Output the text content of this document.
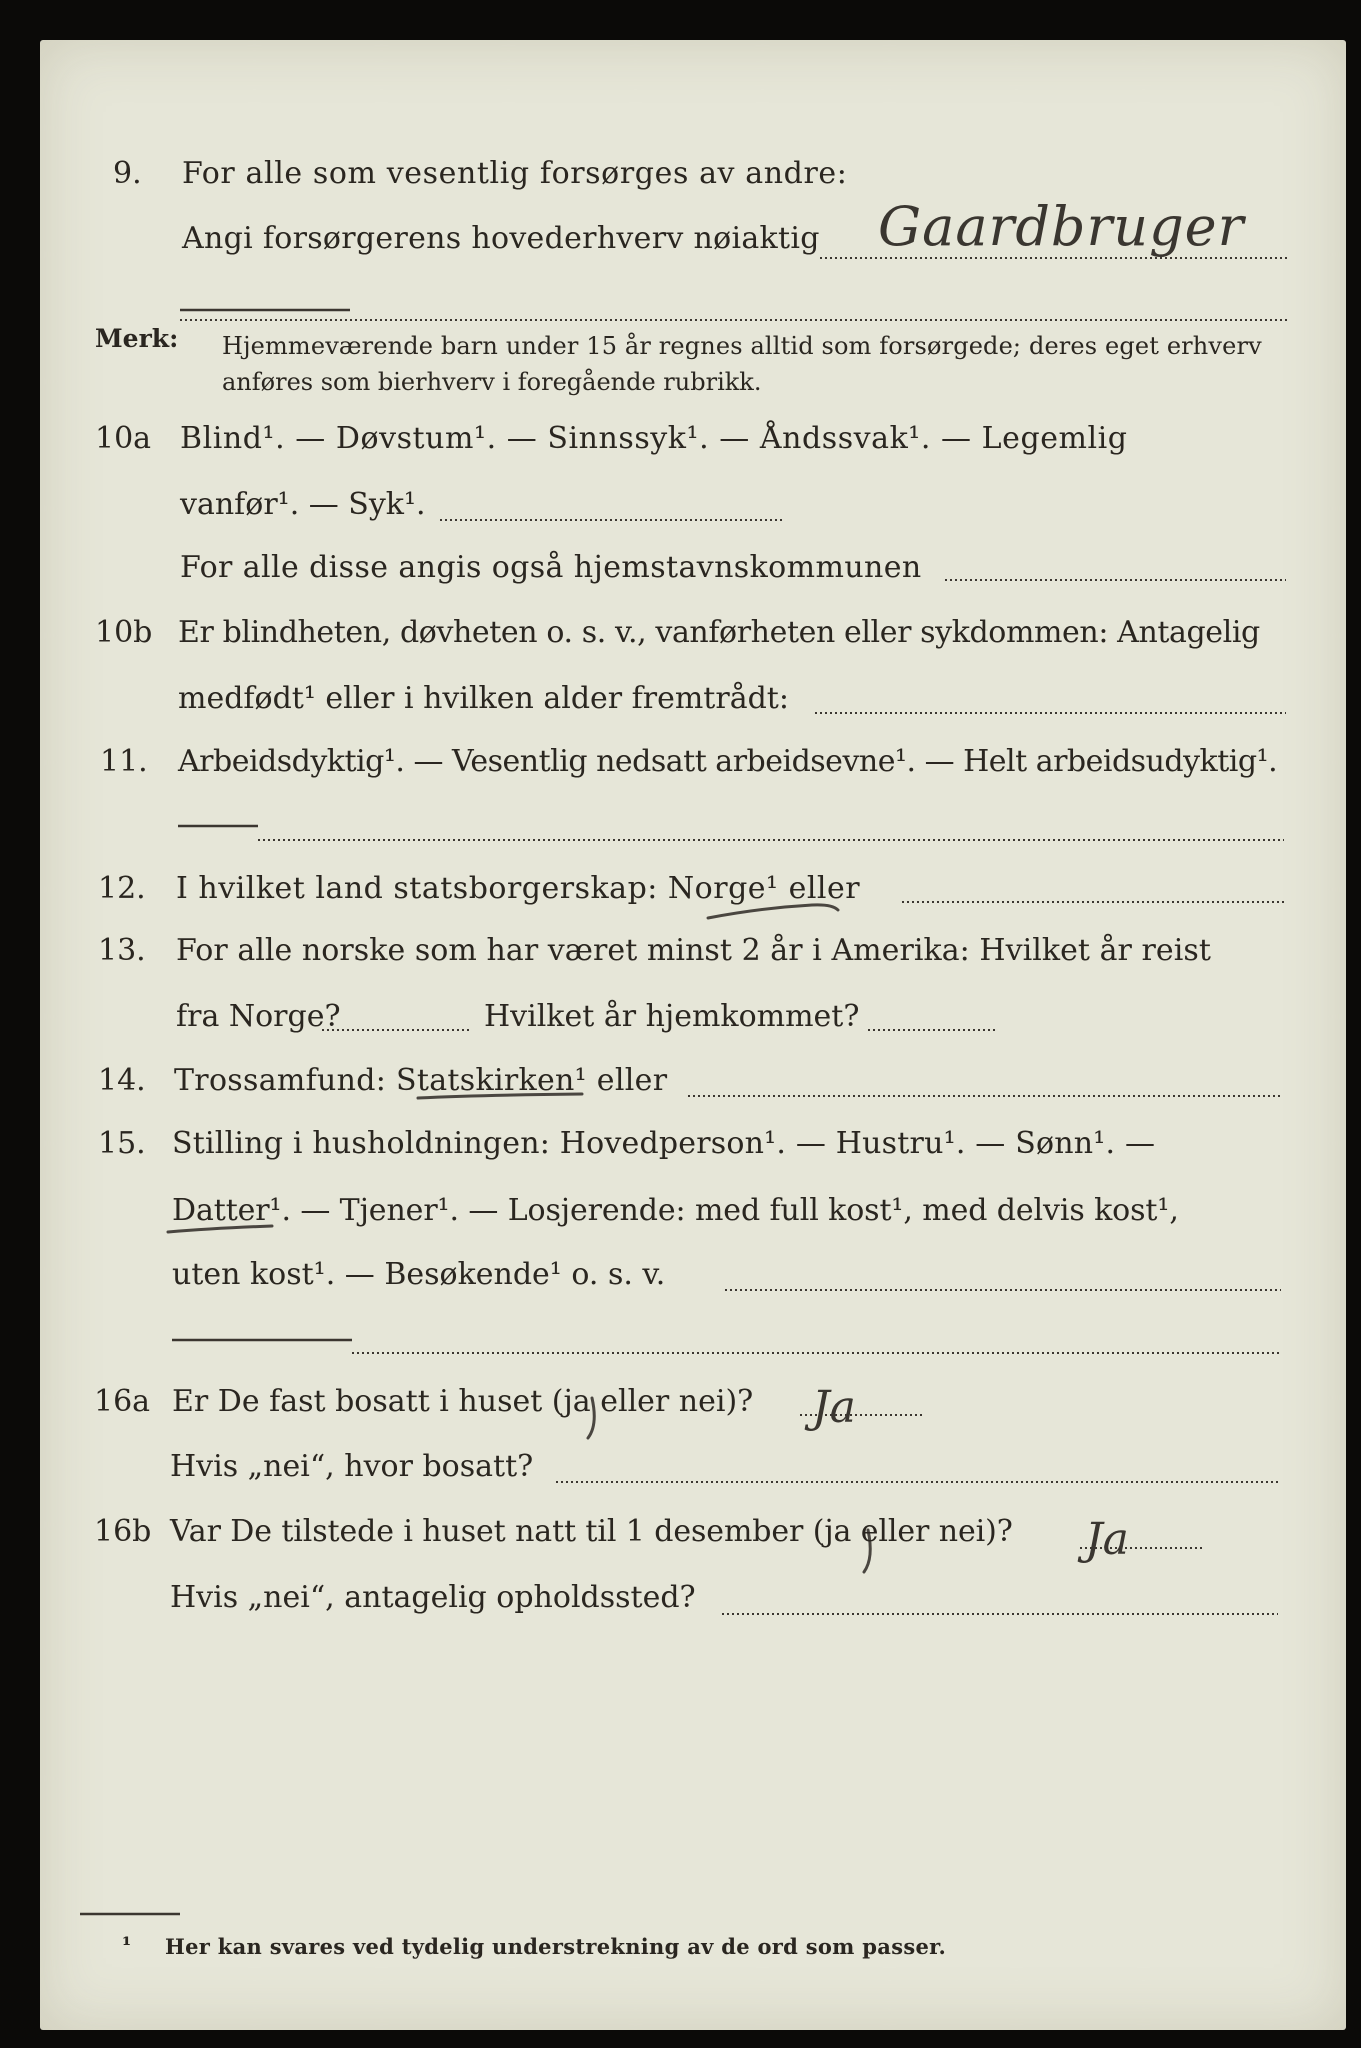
9. For alle som vesentlig forsørges av andre:
Angi forsørgerens hovederhverv nøiaktig Gaardbruger
Merk: Hjemmeværende barn under 15 år regnes alltid som forsørgede; deres eget erhverv
anføres som bierhverv i foregående rubrikk.
10a Blind¹. — Døvstum¹. — Sinnssyk¹. — Åndssvak¹. — Legemlig
vanfør¹. — Syk¹.
For alle disse angis også hjemstavnskommunen
10b Er blindheten, døvheten o. s. v., vanførheten eller sykdommen: Antagelig
medfødt¹ eller i hvilken alder fremtrådt:
11. Arbeidsdyktig¹. — Vesentlig nedsatt arbeidsevne¹. — Helt arbeidsudyktig¹.
12. I hvilket land statsborgerskap: Norge¹ eller
13. For alle norske som har været minst 2 år i Amerika: Hvilket år reist
fra Norge?	Hvilket år hjemkommet?
14. Trossamfund: Statskirken¹ eller
15. Stilling i husholdningen: Hovedperson¹. — Hustru¹. — Sønn¹. —
Datter¹. — Tjener¹. — Losjerende: med full kost¹, med delvis kost¹,
uten kost¹. — Besøkende¹ o. s. v.
16a Er De fast bosatt i huset (ja eller nei)? Ja
Hvis „nei“, hvor bosatt?
16b Var De tilstede i huset natt til 1 desember (ja eller nei)? Ja
Hvis „nei“, antagelig opholdssted?
¹ Her kan svares ved tydelig understrekning av de ord som passer.
